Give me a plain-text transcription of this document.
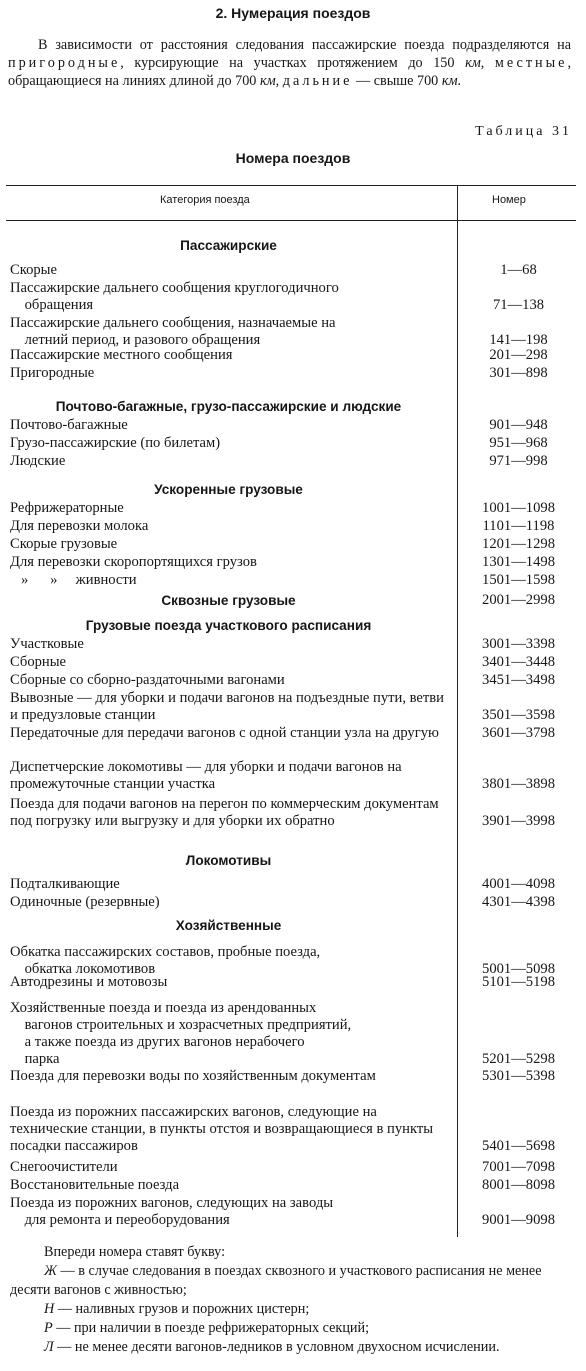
2. Нумерация поездов

В зависимости от расстояния следования пассажирские поезда подразделяются на пригородные, курсирующие на участках протяжением до 150 км, местные, обращающиеся на линиях длиной до 700 км, дальние — свыше 700 км.

Таблица 31
Номера поездов
Категория поезда	Номер
Пассажирские
Скорые	1—68
Пассажирские дальнего сообщения круглогодичного
обращения	71—138
Пассажирские дальнего сообщения, назначаемые на
летний период, и разового обращения	141—198
Пассажирские местного сообщения	201—298
Пригородные	301—898
Почтово-багажные, грузо-пассажирские и людские
Почтово-багажные	901—948
Грузо-пассажирские (по билетам)	951—968
Людские	971—998
Ускоренные грузовые
Рефрижераторные	1001—1098
Для перевозки молока	1101—1198
Скорые грузовые	1201—1298
Для перевозки скоропортящихся грузов	1301—1498
»      »     живности	1501—1598
Сквозные грузовые	2001—2998
Грузовые поезда участкового расписания
Участковые	3001—3398
Сборные	3401—3448
Сборные со сборно-раздаточными вагонами	3451—3498
Вывозные — для уборки и подачи вагонов на подъездные пути, ветви и предузловые станции	3501—3598
Передаточные для передачи вагонов с одной станции узла на другую	3601—3798
Диспетчерские локомотивы — для уборки и подачи вагонов на промежуточные станции участка	3801—3898
Поезда для подачи вагонов на перегон по коммерческим документам под погрузку или выгрузку и для уборки их обратно	3901—3998
Локомотивы
Подталкивающие	4001—4098
Одиночные (резервные)	4301—4398
Хозяйственные
Обкатка пассажирских составов, пробные поезда,
обкатка локомотивов	5001—5098
Автодрезины и мотовозы	5101—5198
Хозяйственные поезда и поезда из арендованных
вагонов строительных и хозрасчетных предприятий,
а также поезда из других вагонов нерабочего
парка	5201—5298
Поезда для перевозки воды по хозяйственным документам	5301—5398
Поезда из порожних пассажирских вагонов, следующие на технические станции, в пункты отстоя и возвращающиеся в пункты посадки пассажиров	5401—5698
Снегоочистители	7001—7098
Восстановительные поезда	8001—8098
Поезда из порожних вагонов, следующих на заводы
для ремонта и переоборудования	9001—9098

Впереди номера ставят букву:

Ж — в случае следования в поездах сквозного и участкового расписания не менее десяти вагонов с живностью;

Н — наливных грузов и порожних цистерн;

Р — при наличии в поезде рефрижераторных секций;

Л — не менее десяти вагонов-ледников в условном двухосном исчислении.
